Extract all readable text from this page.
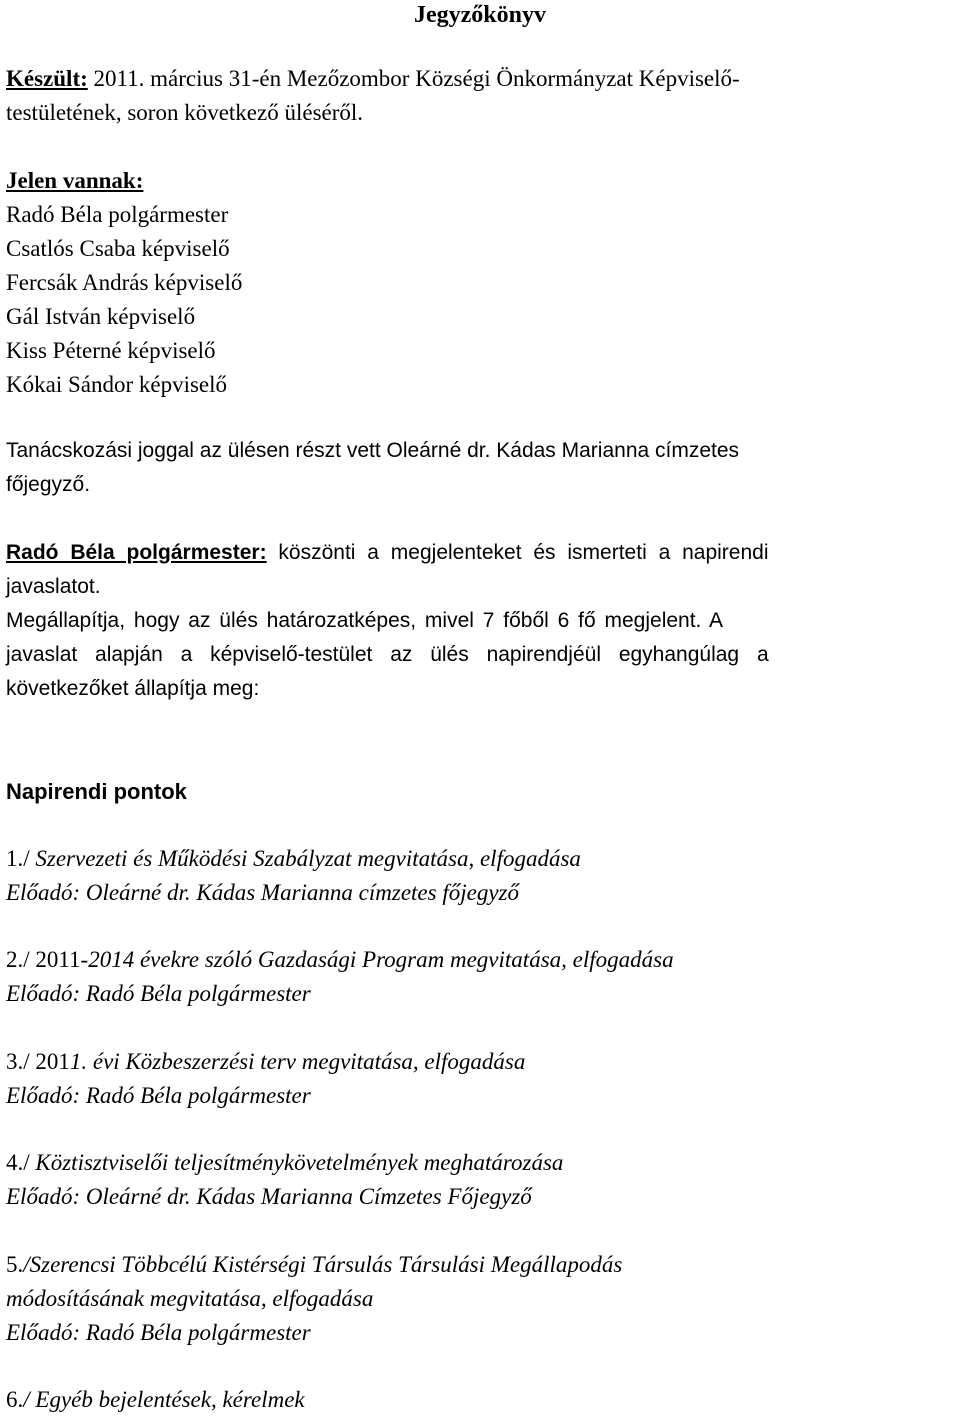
Jegyzőkönyv
Készült: 2011. március 31-én Mezőzombor Községi Önkormányzat Képviselő-
testületének, soron következő üléséről.
Jelen vannak:
Radó Béla polgármester
Csatlós Csaba képviselő
Fercsák András képviselő
Gál István képviselő
Kiss Péterné képviselő
Kókai Sándor képviselő
Tanácskozási joggal az ülésen részt vett Oleárné dr. Kádas Marianna címzetes
főjegyző.
Radó Béla polgármester: köszönti a megjelenteket és ismerteti a napirendi
javaslatot.
Megállapítja, hogy az ülés határozatképes, mivel 7 főből 6 fő megjelent. A
javaslat alapján a képviselő-testület az ülés napirendjéül egyhangúlag a
következőket állapítja meg:
Napirendi pontok
1./ Szervezeti és Működési Szabályzat megvitatása, elfogadása
Előadó: Oleárné dr. Kádas Marianna címzetes főjegyző
2./ 2011-2014 évekre szóló Gazdasági Program megvitatása, elfogadása
Előadó: Radó Béla polgármester
3./ 2011. évi Közbeszerzési terv megvitatása, elfogadása
Előadó: Radó Béla polgármester
4./ Köztisztviselői teljesítménykövetelmények meghatározása
Előadó: Oleárné dr. Kádas Marianna Címzetes Főjegyző
5./Szerencsi Többcélú Kistérségi Társulás Társulási Megállapodás
módosításának megvitatása, elfogadása
Előadó: Radó Béla polgármester
6./ Egyéb bejelentések, kérelmek
